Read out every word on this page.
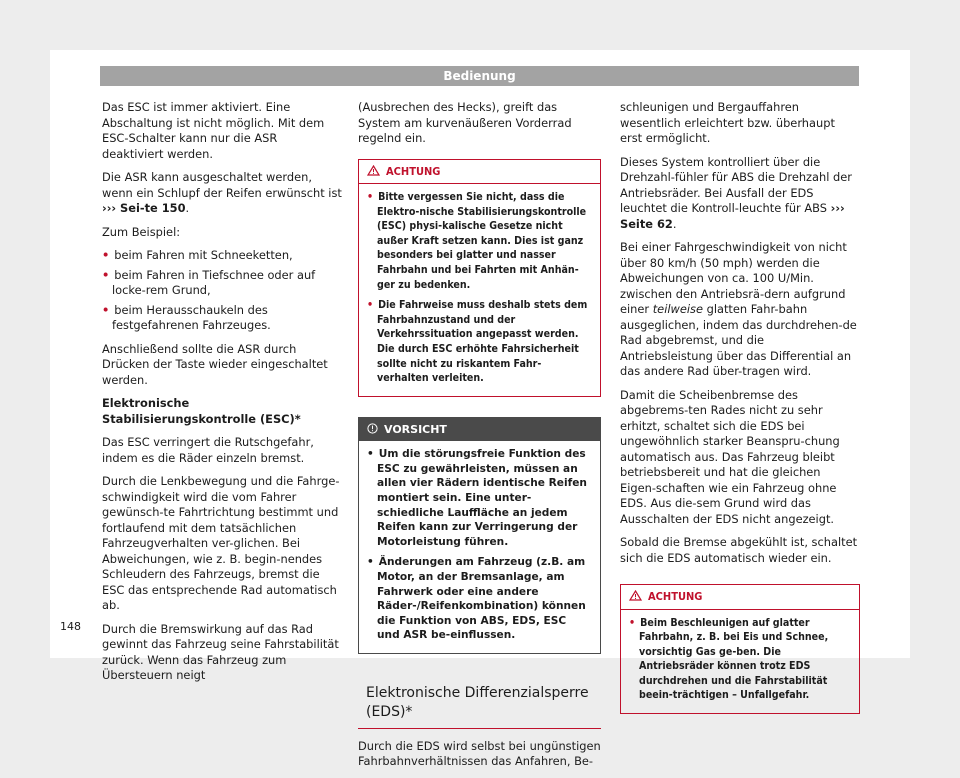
Bedienung

Das ESC ist immer aktiviert. Eine Abschaltung ist nicht möglich. Mit dem ESC-Schalter kann nur die ASR deaktiviert werden.

Die ASR kann ausgeschaltet werden, wenn ein Schlupf der Reifen erwünscht ist ››› Sei-te 150.

Zum Beispiel:

• beim Fahren mit Schneeketten,
• beim Fahren in Tiefschnee oder auf locke-rem Grund,
• beim Herausschaukeln des festgefahrenen Fahrzeuges.

Anschließend sollte die ASR durch Drücken der Taste wieder eingeschaltet werden.

Elektronische Stabilisierungskontrolle (ESC)*

Das ESC verringert die Rutschgefahr, indem es die Räder einzeln bremst.

Durch die Lenkbewegung und die Fahrge-schwindigkeit wird die vom Fahrer gewünsch-te Fahrtrichtung bestimmt und fortlaufend mit dem tatsächlichen Fahrzeugverhalten ver-glichen. Bei Abweichungen, wie z. B. begin-nendes Schleudern des Fahrzeugs, bremst die ESC das entsprechende Rad automatisch ab.

Durch die Bremswirkung auf das Rad gewinnt das Fahrzeug seine Fahrstabilität zurück. Wenn das Fahrzeug zum Übersteuern neigt

(Ausbrechen des Hecks), greift das System am kurvenäußeren Vorderrad regelnd ein.

ACHTUNG
• Bitte vergessen Sie nicht, dass die Elektro-nische Stabilisierungskontrolle (ESC) physi-kalische Gesetze nicht außer Kraft setzen kann. Dies ist ganz besonders bei glatter und nasser Fahrbahn und bei Fahrten mit Anhän-ger zu bedenken.
• Die Fahrweise muss deshalb stets dem Fahrbahnzustand und der Verkehrssituation angepasst werden. Die durch ESC erhöhte Fahrsicherheit sollte nicht zu riskantem Fahr-verhalten verleiten.
VORSICHT
• Um die störungsfreie Funktion des ESC zu gewährleisten, müssen an allen vier Rädern identische Reifen montiert sein. Eine unter-schiedliche Lauffläche an jedem Reifen kann zur Verringerung der Motorleistung führen.
• Änderungen am Fahrzeug (z.B. am Motor, an der Bremsanlage, am Fahrwerk oder eine andere Räder-/Reifenkombination) können die Funktion von ABS, EDS, ESC und ASR be-einflussen.
Elektronische Differenzialsperre (EDS)*

Durch die EDS wird selbst bei ungünstigen Fahrbahnverhältnissen das Anfahren, Be-

schleunigen und Bergauffahren wesentlich erleichtert bzw. überhaupt erst ermöglicht.

Dieses System kontrolliert über die Drehzahl-fühler für ABS die Drehzahl der Antriebsräder. Bei Ausfall der EDS leuchtet die Kontroll-leuchte für ABS ››› Seite 62.

Bei einer Fahrgeschwindigkeit von nicht über 80 km/h (50 mph) werden die Abweichungen von ca. 100 U/Min. zwischen den Antriebsrä-dern aufgrund einer teilweise glatten Fahr-bahn ausgeglichen, indem das durchdrehen-de Rad abgebremst, und die Antriebsleistung über das Differential an das andere Rad über-tragen wird.

Damit die Scheibenbremse des abgebrems-ten Rades nicht zu sehr erhitzt, schaltet sich die EDS bei ungewöhnlich starker Beanspru-chung automatisch aus. Das Fahrzeug bleibt betriebsbereit und hat die gleichen Eigen-schaften wie ein Fahrzeug ohne EDS. Aus die-sem Grund wird das Ausschalten der EDS nicht angezeigt.

Sobald die Bremse abgekühlt ist, schaltet sich die EDS automatisch wieder ein.

ACHTUNG
• Beim Beschleunigen auf glatter Fahrbahn, z. B. bei Eis und Schnee, vorsichtig Gas ge-ben. Die Antriebsräder können trotz EDS durchdrehen und die Fahrstabilität beein-trächtigen – Unfallgefahr.
148
